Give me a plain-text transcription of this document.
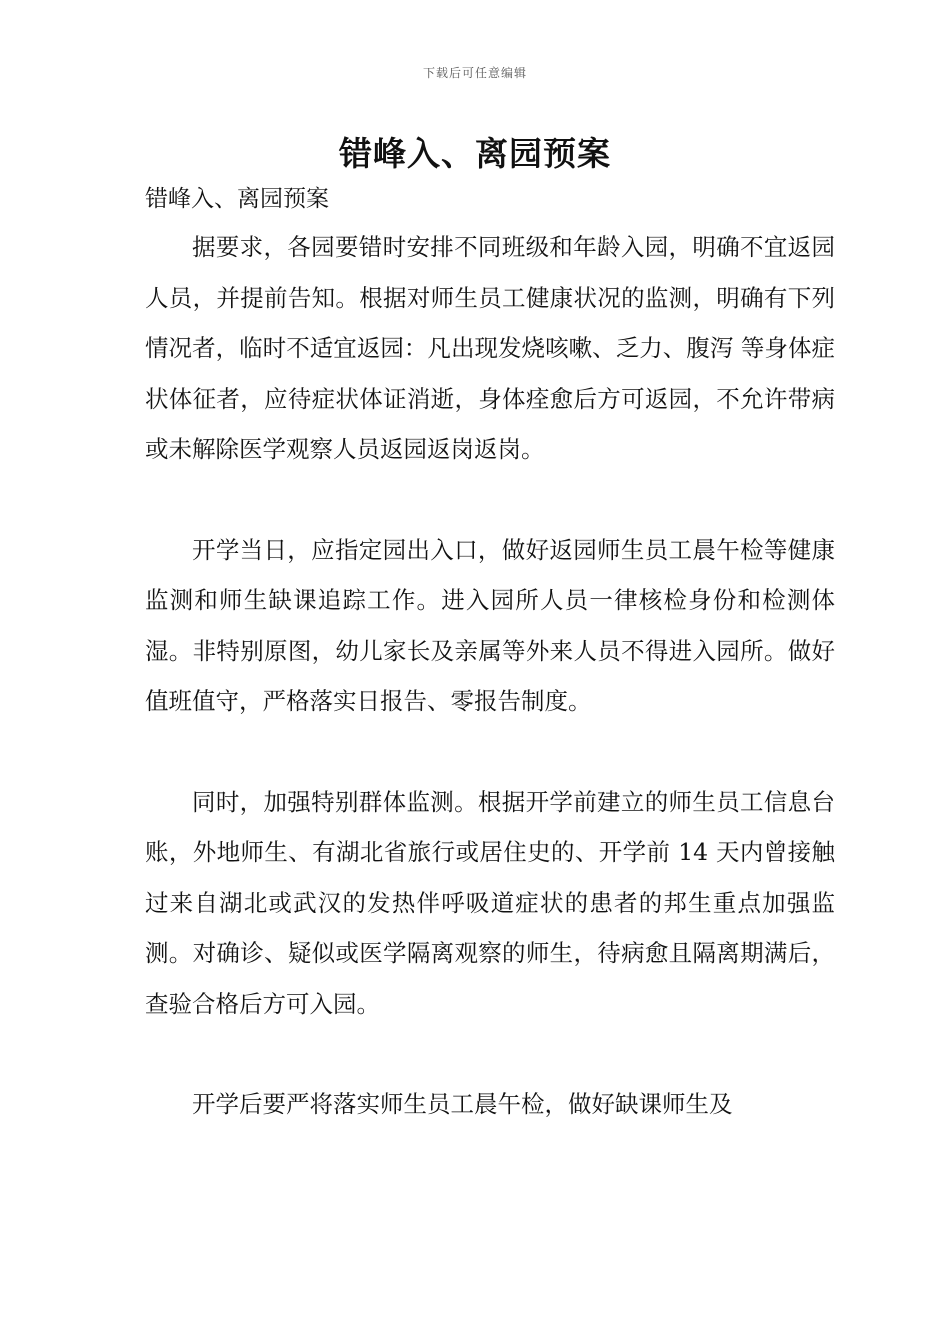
下载后可任意编辑
错峰入、离园预案

错峰入、离园预案

据要求，各园要错时安排不同班级和年龄入园，明确不宜返园人员，并提前告知。根据对师生员工健康状况的监测，明确有下列情况者，临时不适宜返园：凡出现发烧咳嗽、乏力、腹泻 等身体症状体征者，应待症状体证消逝，身体痊愈后方可返园，不允许带病或未解除医学观察人员返园返岗返岗。

开学当日，应指定园出入口，做好返园师生员工晨午检等健康监测和师生缺课追踪工作。进入园所人员一律核检身份和检测体湿。非特别原图，幼儿家长及亲属等外来人员不得进入园所。做好值班值守，严格落实日报告、零报告制度。

同时，加强特别群体监测。根据开学前建立的师生员工信息台账，外地师生、有湖北省旅行或居住史的、开学前 14 天内曾接触过来自湖北或武汉的发热伴呼吸道症状的患者的邦生重点加强监测。对确诊、疑似或医学隔离观察的师生，待病愈且隔离期满后，查验合格后方可入园。

开学后要严将落实师生员工晨午检，做好缺课师生及
